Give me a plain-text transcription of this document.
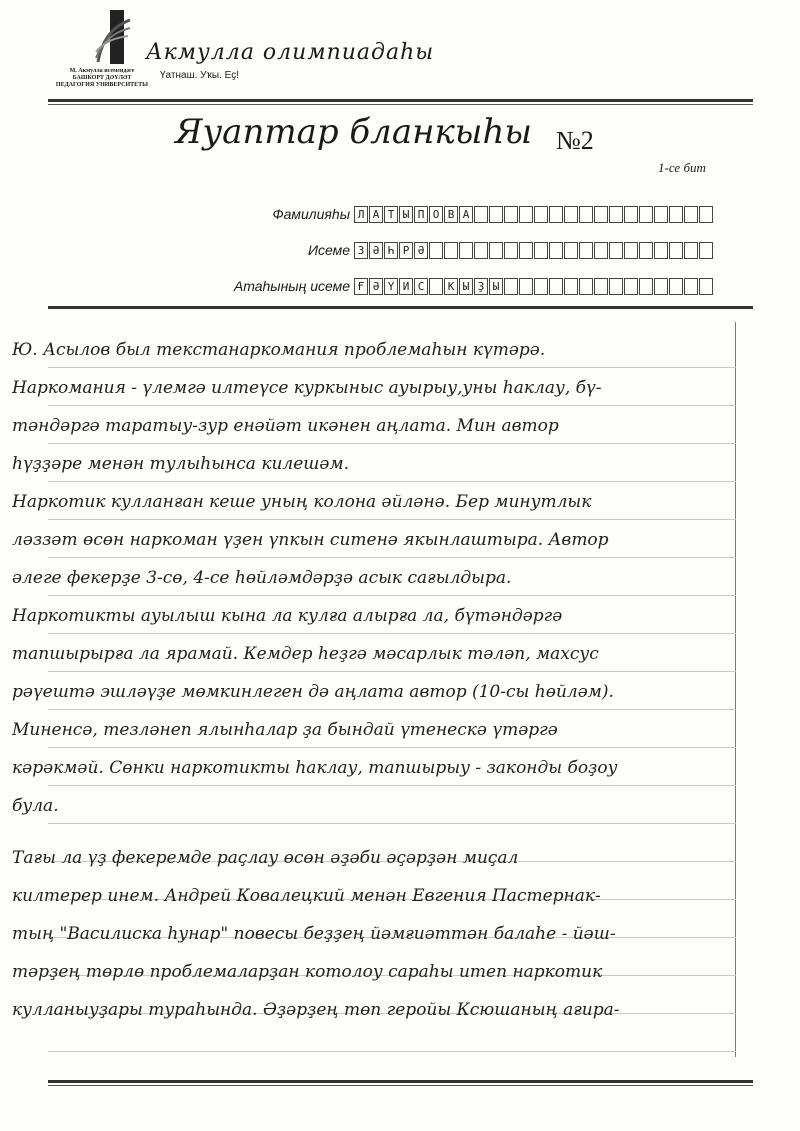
М. Акмулла исемендәге
БАШКОРТ ДӘҮЛӘТ
ПЕДАГОГИЯ УНИВЕРСИТЕТЫ
Акмулла олимпиадаһы
Үатнаш. Уҡы. Еҫ!
Яуаптар бланкыһы №2
1-се бит
Фамилияһы Л А Т Ы П О В А
Исеме З Ә Һ Р Ә
Атаһының исеме Ғ Ә Ү И С	К Ы Ҙ Ы
Ю. Асылов был текстанаркомания проблемаһын күтәрә.
Наркомания - үлемгә илтеүсе куркыныс ауырыу,уны һаклау, бү-
тәндәргә таратыу-зур енәйәт икәнен аңлата. Мин автор
һүҙҙәре менән тулыһынса килешәм.
Наркотик кулланған кеше уның колона әйләнә. Бер минутлык
ләззәт өсөн наркоман үҙен үпкын ситенә якынлаштыра. Автор
әлеге фекерҙе 3-сө, 4-се һөйләмдәрҙә асык сағылдыра.
Наркотикты ауылыш кына ла кулға алырға ла, бүтәндәргә
тапшырырға ла ярамай. Кемдер һеҙгә мәсарлык тәләп, махсус
рәүештә эшләүҙе мөмкинлеген дә аңлата автор (10-сы һөйләм).
Миненсә, тезләнеп ялынһалар ҙа бындай үтенескә үтәргә
кәрәкмәй. Сөнки наркотикты һаклау, тапшырыу - законды боҙоу
була.
Тағы ла үҙ фекеремде раҫлау өсөн әҙәби әҫәрҙән миҫал
килтерер инем. Андрей Ковалецкий менән Евгения Пастернак-
тың "Василиска һунар" повесы беҙҙең йәмғиәттән балаһе - йәш-
тәрҙең төрлө проблемаларҙан котолоу сараһы итеп наркотик
кулланыуҙары тураһында. Әҙәрҙең төп геройы Ксюшаның ағира-
